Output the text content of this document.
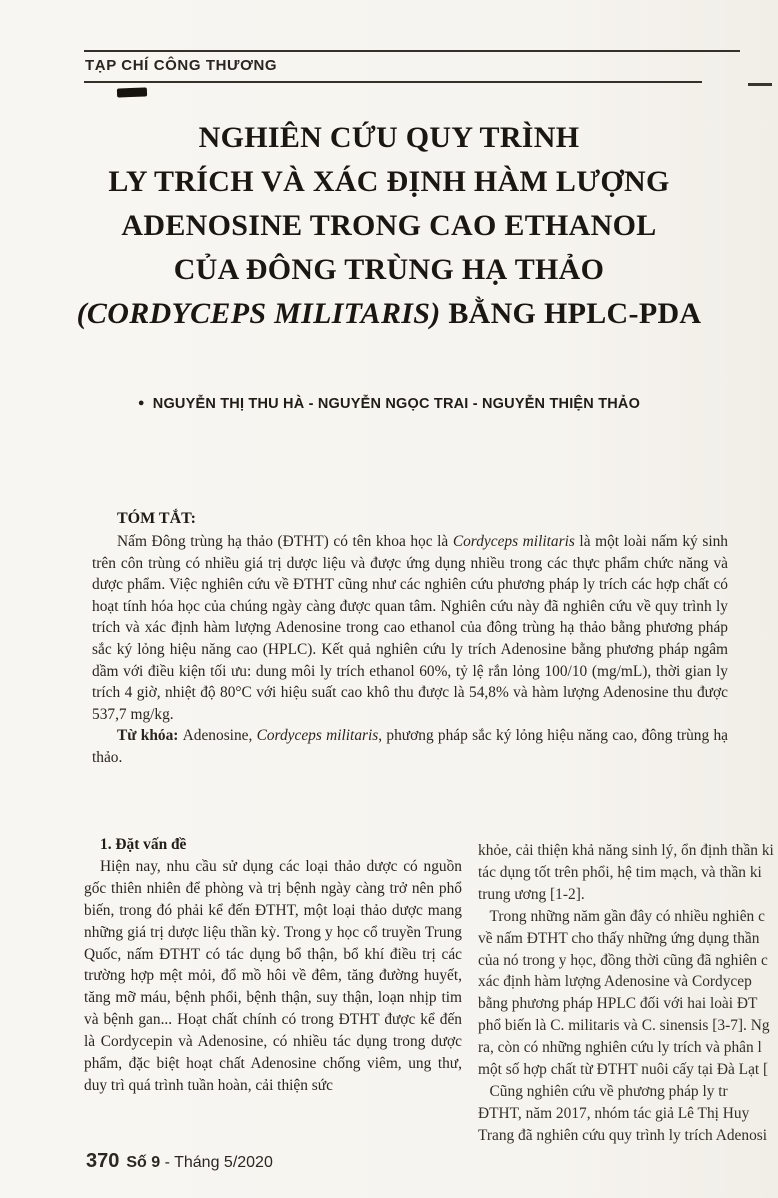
TẠP CHÍ CÔNG THƯƠNG
NGHIÊN CỨU QUY TRÌNH
LY TRÍCH VÀ XÁC ĐỊNH HÀM LƯỢNG
ADENOSINE TRONG CAO ETHANOL
CỦA ĐÔNG TRÙNG HẠ THẢO
(CORDYCEPS MILITARIS) BẰNG HPLC-PDA
● NGUYỄN THỊ THU HÀ - NGUYỄN NGỌC TRAI - NGUYỄN THIỆN THẢO
TÓM TẮT:

Nấm Đông trùng hạ thảo (ĐTHT) có tên khoa học là Cordyceps militaris là một loài nấm ký sinh trên côn trùng có nhiều giá trị dược liệu và được ứng dụng nhiều trong các thực phẩm chức năng và dược phẩm. Việc nghiên cứu về ĐTHT cũng như các nghiên cứu phương pháp ly trích các hợp chất có hoạt tính hóa học của chúng ngày càng được quan tâm. Nghiên cứu này đã nghiên cứu về quy trình ly trích và xác định hàm lượng Adenosine trong cao ethanol của đông trùng hạ thảo bằng phương pháp sắc ký lỏng hiệu năng cao (HPLC). Kết quả nghiên cứu ly trích Adenosine bằng phương pháp ngâm dầm với điều kiện tối ưu: dung môi ly trích ethanol 60%, tỷ lệ rắn lỏng 100/10 (mg/mL), thời gian ly trích 4 giờ, nhiệt độ 80°C với hiệu suất cao khô thu được là 54,8% và hàm lượng Adenosine thu được 537,7 mg/kg.

Từ khóa: Adenosine, Cordyceps militaris, phương pháp sắc ký lỏng hiệu năng cao, đông trùng hạ thảo.

1. Đặt vấn đề

Hiện nay, nhu cầu sử dụng các loại thảo dược có nguồn gốc thiên nhiên để phòng và trị bệnh ngày càng trở nên phổ biến, trong đó phải kể đến ĐTHT, một loại thảo dược mang những giá trị dược liệu thần kỳ. Trong y học cổ truyền Trung Quốc, nấm ĐTHT có tác dụng bổ thận, bổ khí điều trị các trường hợp mệt mỏi, đổ mồ hôi về đêm, tăng đường huyết, tăng mỡ máu, bệnh phổi, bệnh thận, suy thận, loạn nhịp tim và bệnh gan... Hoạt chất chính có trong ĐTHT được kể đến là Cordycepin và Adenosine, có nhiều tác dụng trong dược phẩm, đặc biệt hoạt chất Adenosine chống viêm, ung thư, duy trì quá trình tuần hoàn, cải thiện sức

khỏe, cải thiện khả năng sinh lý, ổn định thần ki
tác dụng tốt trên phổi, hệ tim mạch, và thần ki
trung ương [1-2].
Trong những năm gần đây có nhiều nghiên c
về nấm ĐTHT cho thấy những ứng dụng thần
của nó trong y học, đồng thời cũng đã nghiên c
xác định hàm lượng Adenosine và Cordycep
bằng phương pháp HPLC đối với hai loài ĐT
phổ biến là C. militaris và C. sinensis [3-7]. Ng
ra, còn có những nghiên cứu ly trích và phân l
một số hợp chất từ ĐTHT nuôi cấy tại Đà Lạt [
Cũng nghiên cứu về phương pháp ly tr
ĐTHT, năm 2017, nhóm tác giả Lê Thị Huy
Trang đã nghiên cứu quy trình ly trích Adenosi
370 Số 9 - Tháng 5/2020
